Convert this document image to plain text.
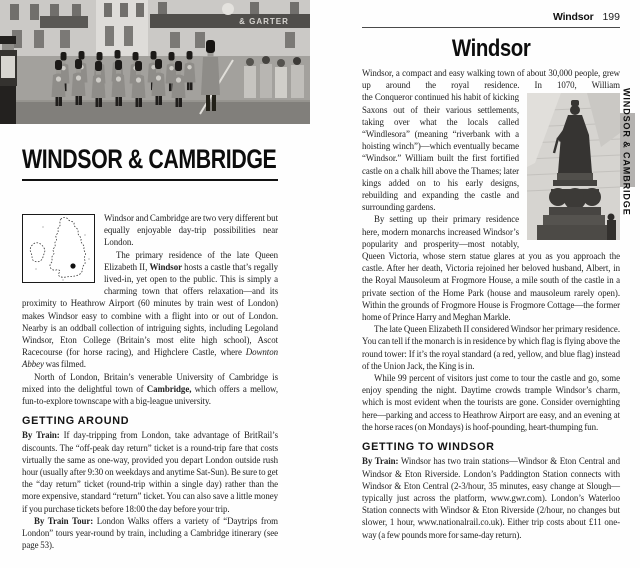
& GARTER
WINDSOR & CAMBRIDGE

Windsor and Cambridge are two very different but equally enjoyable day-trip possibilities near London.

The primary residence of the late Queen Elizabeth II, Windsor hosts a castle that’s regally lived-in, yet open to the public. This is simply a charming town that offers relaxation—and its proximity to Heathrow Airport (60 minutes by train west of London) makes Windsor easy to combine with a flight into or out of London. Nearby is an oddball collection of intriguing sights, including Legoland Windsor, Eton College (Britain’s most elite high school), Ascot Racecourse (for horse racing), and Highclere Castle, where Downton Abbey was filmed.

North of London, Britain’s venerable University of Cambridge is mixed into the delightful town of Cambridge, which offers a mellow, fun-to-explore townscape with a big-league university.

GETTING AROUND

By Train: If day-tripping from London, take advantage of BritRail’s discounts. The “off-peak day return” ticket is a round-trip fare that costs virtually the same as one-way, provided you depart London outside rush hour (usually after 9:30 on weekdays and anytime Sat-Sun). Be sure to get the “day return” ticket (round-trip within a single day) rather than the more expensive, standard “return” ticket. You can also save a little money if you purchase tickets before 18:00 the day before your trip.

By Train Tour: London Walks offers a variety of “Daytrips from London” tours year-round by train, including a Cambridge itinerary (see page 53).

Windsor 199
Windsor

Windsor, a compact and easy walking town of about 30,000 people, grew up around the royal residence. In 1070, William

the Conqueror continued his habit of kicking Saxons out of their various settlements, taking over what the locals called “Windlesora” (meaning “riverbank with a hoisting winch”)—which eventually became “Windsor.” William built the first fortified castle on a chalk hill above the Thames; later kings added on to his early designs, rebuilding and expanding the castle and surrounding gardens.

By setting up their primary residence here, modern monarchs increased Windsor’s popularity and prosperity—most notably, Queen Victoria, whose stern statue glares at you as you approach the castle. After her death, Victoria rejoined her beloved husband, Albert, in the Royal Mausoleum at Frogmore House, a mile south of the castle in a private section of the Home Park (house and mausoleum rarely open). Within the grounds of Frogmore House is Frogmore Cottage—the former home of Prince Harry and Meghan Markle.

The late Queen Elizabeth II considered Windsor her primary residence. You can tell if the monarch is in residence by which flag is flying above the round tower: If it’s the royal standard (a red, yellow, and blue flag) instead of the Union Jack, the King is in.

While 99 percent of visitors just come to tour the castle and go, some enjoy spending the night. Daytime crowds trample Windsor’s charm, which is most evident when the tourists are gone. Consider overnighting here—parking and access to Heathrow Airport are easy, and an evening at the horse races (on Mondays) is hoof-pounding, heart-thumping fun.

GETTING TO WINDSOR

By Train: Windsor has two train stations—Windsor & Eton Central and Windsor & Eton Riverside. London’s Paddington Station connects with Windsor & Eton Central (2-3/hour, 35 minutes, easy change at Slough—typically just across the platform, www.gwr.com). London’s Waterloo Station connects with Windsor & Eton Riverside (2/hour, no changes but slower, 1 hour, www.nationalrail.co.uk). Either trip costs about £11 one-way (a few pounds more for same-day return).

WINDSOR & CAMBRIDGE
